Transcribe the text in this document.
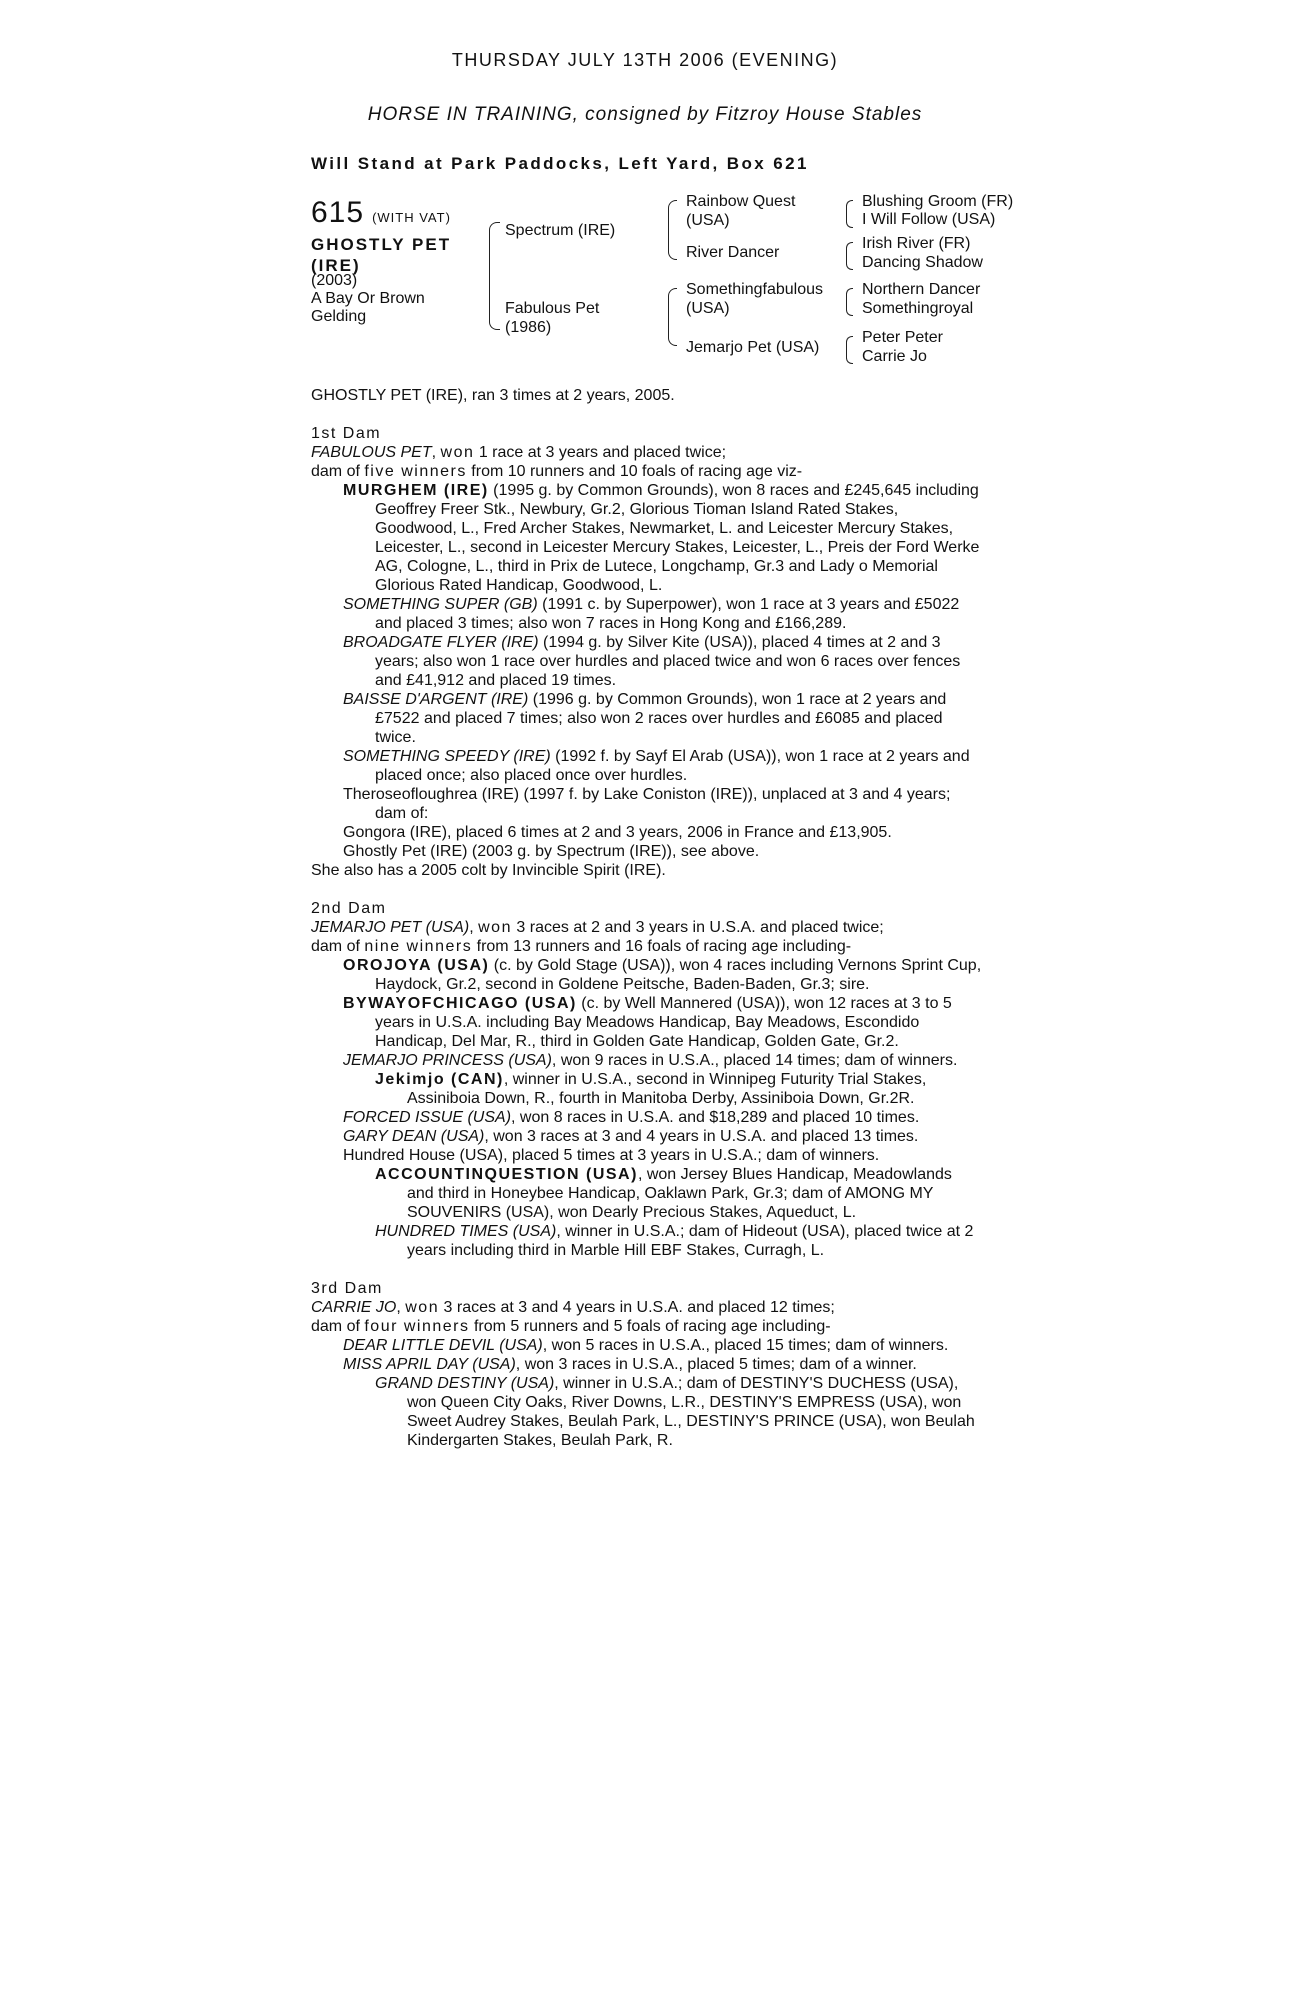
THURSDAY JULY 13TH 2006 (EVENING)
HORSE IN TRAINING, consigned by Fitzroy House Stables
Will Stand at Park Paddocks, Left Yard, Box 621
615 (WITH VAT)
GHOSTLY PET
(IRE)
(2003)
A Bay Or Brown Gelding
Spectrum (IRE)
Fabulous Pet (1986)
Rainbow Quest (USA)
River Dancer
Somethingfabulous (USA)
Jemarjo Pet (USA)
Blushing Groom (FR)
I Will Follow (USA)
Irish River (FR)
Dancing Shadow
Northern Dancer
Somethingroyal
Peter Peter
Carrie Jo

GHOSTLY PET (IRE), ran 3 times at 2 years, 2005.

1st Dam

FABULOUS PET, won 1 race at 3 years and placed twice;

dam of five winners from 10 runners and 10 foals of racing age viz-

MURGHEM (IRE) (1995 g. by Common Grounds), won 8 races and £245,645 including Geoffrey Freer Stk., Newbury, Gr.2, Glorious Tioman Island Rated Stakes, Goodwood, L., Fred Archer Stakes, Newmarket, L. and Leicester Mercury Stakes, Leicester, L., second in Leicester Mercury Stakes, Leicester, L., Preis der Ford Werke AG, Cologne, L., third in Prix de Lutece, Longchamp, Gr.3 and Lady o Memorial Glorious Rated Handicap, Goodwood, L.

SOMETHING SUPER (GB) (1991 c. by Superpower), won 1 race at 3 years and £5022 and placed 3 times; also won 7 races in Hong Kong and £166,289.

BROADGATE FLYER (IRE) (1994 g. by Silver Kite (USA)), placed 4 times at 2 and 3 years; also won 1 race over hurdles and placed twice and won 6 races over fences and £41,912 and placed 19 times.

BAISSE D'ARGENT (IRE) (1996 g. by Common Grounds), won 1 race at 2 years and £7522 and placed 7 times; also won 2 races over hurdles and £6085 and placed twice.

SOMETHING SPEEDY (IRE) (1992 f. by Sayf El Arab (USA)), won 1 race at 2 years and placed once; also placed once over hurdles.

Theroseofloughrea (IRE) (1997 f. by Lake Coniston (IRE)), unplaced at 3 and 4 years; dam of:

Gongora (IRE), placed 6 times at 2 and 3 years, 2006 in France and £13,905.

Ghostly Pet (IRE) (2003 g. by Spectrum (IRE)), see above.

She also has a 2005 colt by Invincible Spirit (IRE).

2nd Dam

JEMARJO PET (USA), won 3 races at 2 and 3 years in U.S.A. and placed twice;

dam of nine winners from 13 runners and 16 foals of racing age including-

OROJOYA (USA) (c. by Gold Stage (USA)), won 4 races including Vernons Sprint Cup, Haydock, Gr.2, second in Goldene Peitsche, Baden-Baden, Gr.3; sire.

BYWAYOFCHICAGO (USA) (c. by Well Mannered (USA)), won 12 races at 3 to 5 years in U.S.A. including Bay Meadows Handicap, Bay Meadows, Escondido Handicap, Del Mar, R., third in Golden Gate Handicap, Golden Gate, Gr.2.

JEMARJO PRINCESS (USA), won 9 races in U.S.A., placed 14 times; dam of winners.

Jekimjo (CAN), winner in U.S.A., second in Winnipeg Futurity Trial Stakes, Assiniboia Down, R., fourth in Manitoba Derby, Assiniboia Down, Gr.2R.

FORCED ISSUE (USA), won 8 races in U.S.A. and $18,289 and placed 10 times.

GARY DEAN (USA), won 3 races at 3 and 4 years in U.S.A. and placed 13 times.

Hundred House (USA), placed 5 times at 3 years in U.S.A.; dam of winners.

ACCOUNTINQUESTION (USA), won Jersey Blues Handicap, Meadowlands and third in Honeybee Handicap, Oaklawn Park, Gr.3; dam of AMONG MY SOUVENIRS (USA), won Dearly Precious Stakes, Aqueduct, L.

HUNDRED TIMES (USA), winner in U.S.A.; dam of Hideout (USA), placed twice at 2 years including third in Marble Hill EBF Stakes, Curragh, L.

3rd Dam

CARRIE JO, won 3 races at 3 and 4 years in U.S.A. and placed 12 times;

dam of four winners from 5 runners and 5 foals of racing age including-

DEAR LITTLE DEVIL (USA), won 5 races in U.S.A., placed 15 times; dam of winners.

MISS APRIL DAY (USA), won 3 races in U.S.A., placed 5 times; dam of a winner.

GRAND DESTINY (USA), winner in U.S.A.; dam of DESTINY'S DUCHESS (USA), won Queen City Oaks, River Downs, L.R., DESTINY'S EMPRESS (USA), won Sweet Audrey Stakes, Beulah Park, L., DESTINY'S PRINCE (USA), won Beulah Kindergarten Stakes, Beulah Park, R.
